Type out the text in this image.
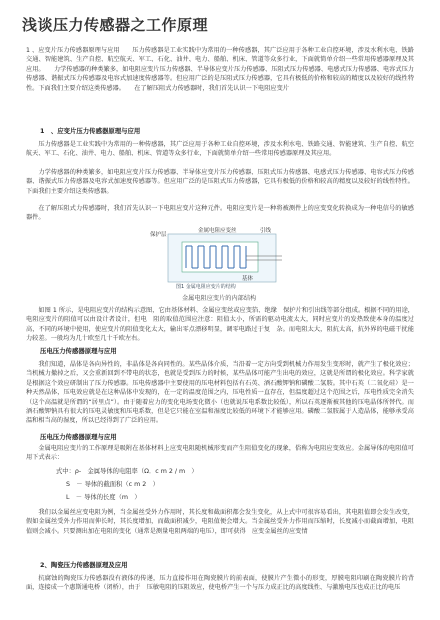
浅谈压力传感器之工作原理

1 、应变片压力传感器原理与应用　　压力传感器是工业实践中为常用的一种传感器，其广泛应用于各种工业自控环境，涉及水利水电、铁路交通、智能建筑、生产自控、航空航天、军工、石化、油井、电力、船舶、机床、管道等众多行业，下面就简单介绍一些常用传感器原理及其应用。　　力学传感器的种类繁多，如电阻应变片压力传感器、半导体应变片压力传感器、压阻式压力传感器、电感式压力传感器、电容式压力传感器、谐振式压力传感器及电容式加速度传感器等。但应用广泛的是压阻式压力传感器，它具有极低的价格和较高的精度以及较好的线性特性。下面我们主要介绍这类传感器。　　在了解压阻式力传感器时，我们首先认识一下电阻应变片

1　、应变片压力传感器原理与应用

压力传感器是工业实践中为常用的一种传感器，其广泛应用于各种工业自控环境，涉及水利水电、铁路交通、智能建筑、生产自控、航空航天、军工、石化、油井、电力、船舶、机床、管道等众多行业，下面就简单介绍一些常用传感器原理及其应用。

力学传感器的种类繁多，如电阻应变片压力传感器、半导体应变片压力传感器、压阻式压力传感器、电感式压力传感器、电容式压力传感器、谐振式压力传感器及电容式加速度传感器等。但应用广泛的是压阻式压力传感器，它具有极低的价格和较高的精度以及较好的线性特性。下面我们主要介绍这类传感器。

在了解压阻式力传感器时，我们首先认识一下电阻应变片这种元件。电阻应变片是一种将被测件上的应变变化转换成为一种电信号的敏感器件。

保护层
金属电阻应变丝	引线
基体
图1 金属电阻应变片的结构
金属电阻应变片的内部结构

如图 1 所示，是电阻应变片的结构示意图，它由基体材料、金属应变丝或应变箔、绝缘　保护片和引出线等部分组成。根据不同的用途，电阻应变片的阻值可以由设计者设计，但电　阻的取值范围应注意：阻值太小，所需的驱动电流太大，同时应变片的发热致使本身的温度过高，不同的环境中使用，使应变片的阻值变化太大，输出零点漂移明显，调零电路过于复　杂。而电阻太大，阻抗太高，抗外界的电磁干扰能力较差。一般均为几十欧至几十千欧左右。

压电压力传感器原理与应用

我们知道，晶体是各向异性的，非晶体是各向同性的。某些晶体介质，当沿着一定方向受到机械力作用发生变形时，就产生了极化效应；当机械力撤掉之后，又会重新回到不带电的状态，也就是受到压力的时候，某些晶体可能产生出电的效应，这就是所谓的极化效应。科学家就是根据这个效应研制出了压力传感器。压电传感器中主要使用的压电材料包括有石英、酒石酸钾钠和磷酸二氢胺。其中石英（二氧化硅）是一种天然晶体，压电效应就是在这种晶体中发现的，在一定的温度范围之内，压电性质一直存在，但温度超过这个范围之后，压电性质完全消失（这个高温就是所谓的“居里点”）。由于随着应力的变化电场变化微小（也就说压电系数比较低），所以石英逐渐被其他的压电晶体所替代。而酒石酸钾钠具有很大的压电灵敏度和压电系数，但是它只能在室温和湿度比较低的环境下才能够应用。磷酸二氢胺属于人造晶体，能够承受高温和相当高的湿度，所以已经得到了广泛的应用。

压电压力传感器原理与应用

金属电阻应变片的工作原理是吸附在基体材料上应变电阻随机械形变而产生阻值变化的现象，俗称为电阻应变效应。金属导体的电阻值可用下式表示：

式中：ρ-　金属导体的电阻率（Ω．c m 2 / m　）
S　－ 导体的截面积（c m 2　）
L　－ 导体的长度（m　）

我们以金属丝应变电阻为例，当金属丝受外力作用时，其长度和截面积都会发生变化，从上式中可很容易看出，其电阻值即会发生改变，假如金属丝受外力作用而伸长时，其长度增加，而截面积减少，电阻值便会增大。当金属丝受外力作用而压缩时，长度减小而截面增加，电阻值则会减小。只要测出加在电阻的变化（通常是测量电阻两端的电压），即可获得　应变金属丝的应变情

2、陶瓷压力传感器原理及应用

抗腐蚀的陶瓷压力传感器没有液体的传递，压力直接作用在陶瓷膜片的前表面，使膜片产生微小的形变，厚膜电阻印刷在陶瓷膜片的背面，连接成一个惠斯通电桥（闭桥），由于　压敏电阻的压阻效应，使电桥产生一个与压力成正比的高度线性、与激励电压也成正比的电压
